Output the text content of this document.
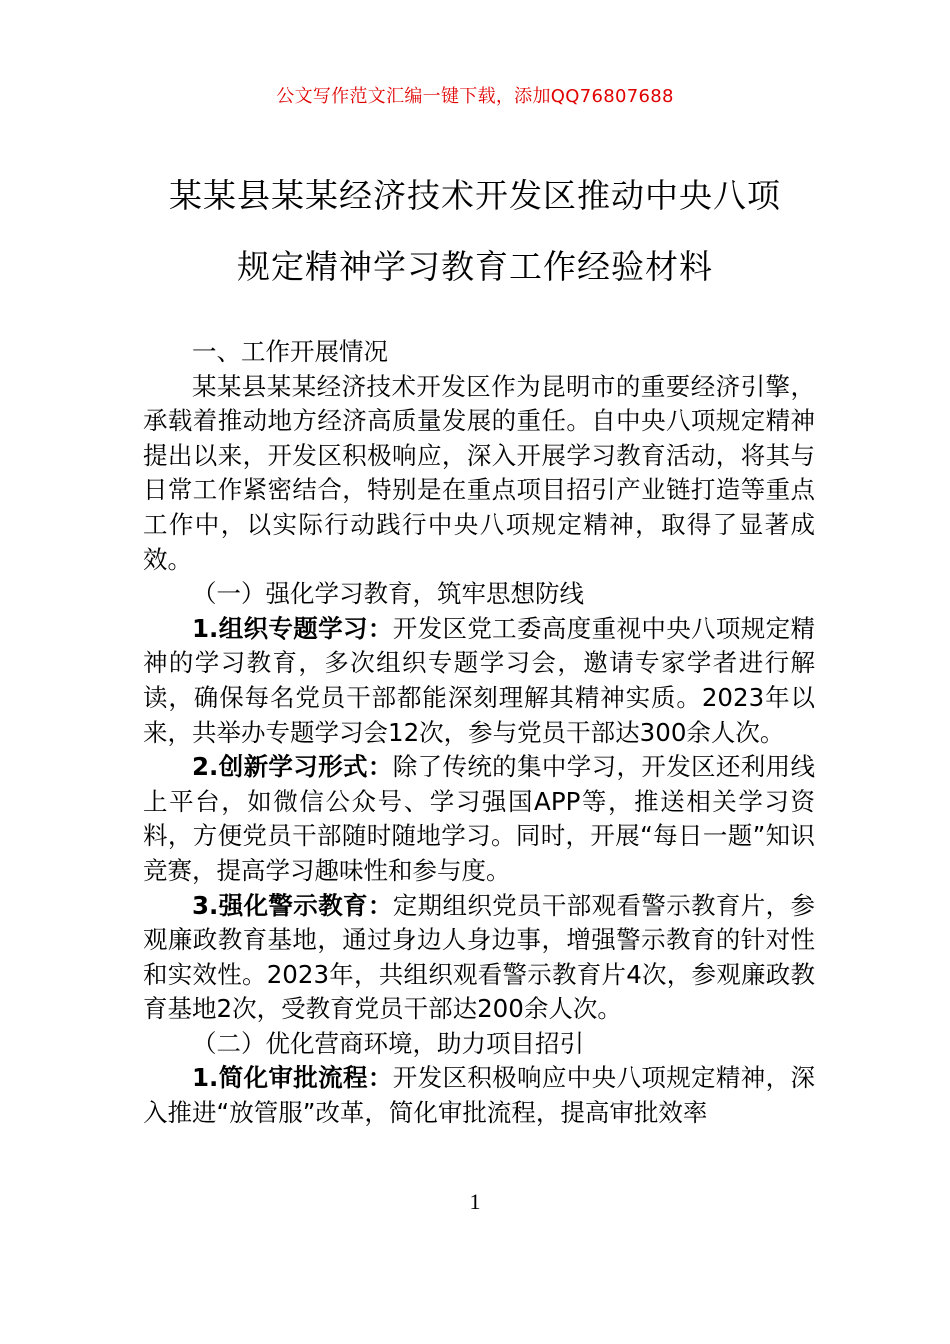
公文写作范文汇编一键下载，添加QQ76807688
某某县某某经济技术开发区推动中央八项
规定精神学习教育工作经验材料

一、工作开展情况

某某县某某经济技术开发区作为昆明市的重要经济引擎，承载着推动地方经济高质量发展的重任。自中央八项规定精神提出以来，开发区积极响应，深入开展学习教育活动，将其与日常工作紧密结合，特别是在重点项目招引产业链打造等重点工作中，以实际行动践行中央八项规定精神，取得了显著成效。

（一）强化学习教育，筑牢思想防线

1.组织专题学习：开发区党工委高度重视中央八项规定精神的学习教育，多次组织专题学习会，邀请专家学者进行解读，确保每名党员干部都能深刻理解其精神实质。2023年以来，共举办专题学习会12次，参与党员干部达300余人次。

2.创新学习形式：除了传统的集中学习，开发区还利用线上平台，如微信公众号、学习强国APP等，推送相关学习资料，方便党员干部随时随地学习。同时，开展“每日一题”知识竞赛，提高学习趣味性和参与度。

3.强化警示教育：定期组织党员干部观看警示教育片，参观廉政教育基地，通过身边人身边事，增强警示教育的针对性和实效性。2023年，共组织观看警示教育片4次，参观廉政教育基地2次，受教育党员干部达200余人次。

（二）优化营商环境，助力项目招引

1.简化审批流程：开发区积极响应中央八项规定精神，深入推进“放管服”改革，简化审批流程，提高审批效率

1
